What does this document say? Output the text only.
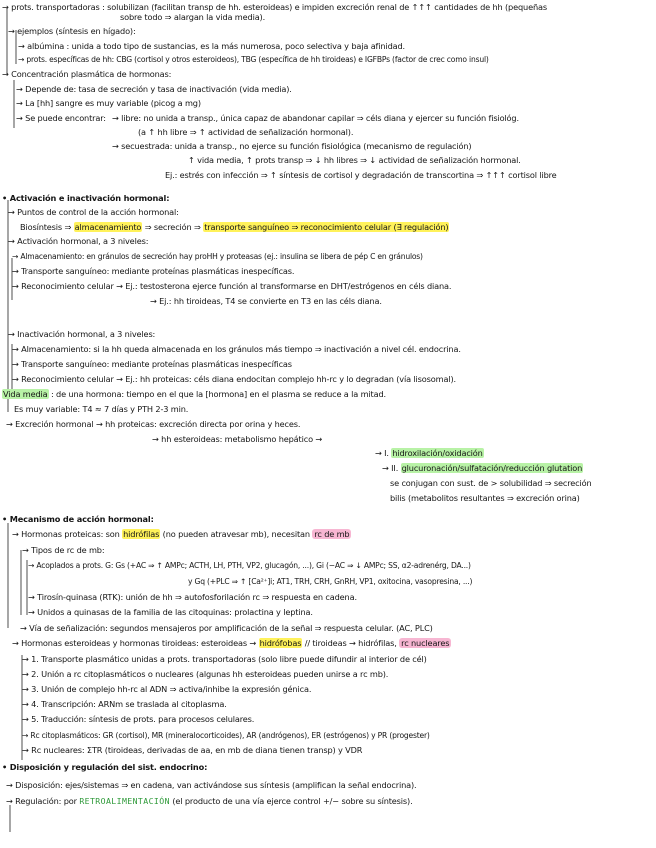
→ prots. transportadoras : solubilizan (facilitan transp de hh. esteroideas) e impiden excreción renal de ↑↑↑ cantidades de hh (pequeñas
sobre todo ⇒ alargan la vida media).
→ ejemplos (síntesis en hígado):
→ albúmina : unida a todo tipo de sustancias, es la más numerosa, poco selectiva y baja afinidad.
→ prots. específicas de hh: CBG (cortisol y otros esteroideos), TBG (específica de hh tiroideas) e IGFBPs (factor de crec como insul)
→ Concentración plasmática de hormonas:
→ Depende de: tasa de secreción y tasa de inactivación (vida media).
→ La [hh] sangre es muy variable (picog a mg)
→ Se puede encontrar: → libre: no unida a transp., única capaz de abandonar capilar ⇒ céls diana y ejercer su función fisiológ.
(a ↑ hh libre ⇒ ↑ actividad de señalización hormonal).
→ secuestrada: unida a transp., no ejerce su función fisiológica (mecanismo de regulación)
↑ vida media, ↑ prots transp ⇒ ↓ hh libres ⇒ ↓ actividad de señalización hormonal.
Ej.: estrés con infección ⇒ ↑ síntesis de cortisol y degradación de transcortina ⇒ ↑↑↑ cortisol libre
• Activación e inactivación hormonal:
→ Puntos de control de la acción hormonal:
Biosíntesis ⇒ almacenamiento ⇒ secreción ⇒ transporte sanguíneo ⇒ reconocimiento celular (∃ regulación)
→ Activación hormonal, a 3 niveles:
→ Almacenamiento: en gránulos de secreción hay proHH y proteasas (ej.: insulina se libera de pép C en gránulos)
→ Transporte sanguíneo: mediante proteínas plasmáticas inespecíficas.
→ Reconocimiento celular → Ej.: testosterona ejerce función al transformarse en DHT/estrógenos en céls diana.
→ Ej.: hh tiroideas, T4 se convierte en T3 en las céls diana.
→ Inactivación hormonal, a 3 niveles:
→ Almacenamiento: si la hh queda almacenada en los gránulos más tiempo ⇒ inactivación a nivel cél. endocrina.
→ Transporte sanguíneo: mediante proteínas plasmáticas inespecíficas
→ Reconocimiento celular → Ej.: hh proteicas: céls diana endocitan complejo hh-rc y lo degradan (vía lisosomal).
Vida media : de una hormona: tiempo en el que la [hormona] en el plasma se reduce a la mitad.
Es muy variable: T4 ≈ 7 días y PTH 2-3 min.
→ Excreción hormonal → hh proteicas: excreción directa por orina y heces.
→ hh esteroideas: metabolismo hepático →
→ I. hidroxilación/oxidación
→ II. glucuronación/sulfatación/reducción glutation
se conjugan con sust. de > solubilidad ⇒ secreción
bilis (metabolitos resultantes ⇒ excreción orina)
• Mecanismo de acción hormonal:
→ Hormonas proteicas: son hidrófilas (no pueden atravesar mb), necesitan rc de mb
→ Tipos de rc de mb:
→ Acoplados a prots. G: Gs (+AC ⇒ ↑ AMPc; ACTH, LH, PTH, VP2, glucagón, ...), Gi (−AC ⇒ ↓ AMPc; SS, α2-adrenérg, DA...)
y Gq (+PLC ⇒ ↑ [Ca²⁺]i; AT1, TRH, CRH, GnRH, VP1, oxitocina, vasopresina, ...)
→ Tirosín-quinasa (RTK): unión de hh ⇒ autofosforilación rc ⇒ respuesta en cadena.
→ Unidos a quinasas de la familia de las citoquinas: prolactina y leptina.
→ Vía de señalización: segundos mensajeros por amplificación de la señal ⇒ respuesta celular. (AC, PLC)
→ Hormonas esteroideas y hormonas tiroideas: esteroideas → hidrófobas // tiroideas → hidrófilas, rc nucleares
→ 1. Transporte plasmático unidas a prots. transportadoras (solo libre puede difundir al interior de cél)
→ 2. Unión a rc citoplasmáticos o nucleares (algunas hh esteroideas pueden unirse a rc mb).
→ 3. Unión de complejo hh-rc al ADN ⇒ activa/inhibe la expresión génica.
→ 4. Transcripción: ARNm se traslada al citoplasma.
→ 5. Traducción: síntesis de prots. para procesos celulares.
→ Rc citoplasmáticos: GR (cortisol), MR (mineralocorticoides), AR (andrógenos), ER (estrógenos) y PR (progester)
→ Rc nucleares: ΣTR (tiroideas, derivadas de aa, en mb de diana tienen transp) y VDR
• Disposición y regulación del sist. endocrino:
→ Disposición: ejes/sistemas ⇒ en cadena, van activándose sus síntesis (amplifican la señal endocrina).
→ Regulación: por RETROALIMENTACIÓN (el producto de una vía ejerce control +/− sobre su síntesis).
